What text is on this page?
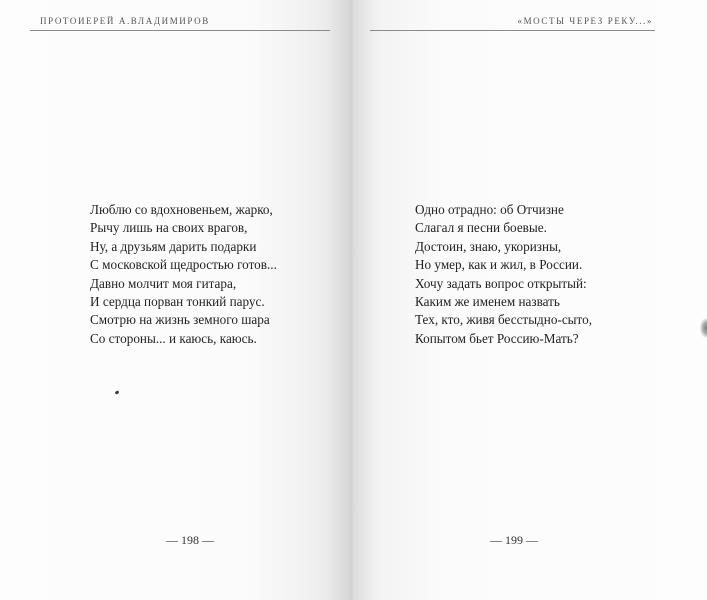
ПРОТОИЕРЕЙ А.ВЛАДИМИРОВ
Люблю со вдохновеньем, жарко,
Рычу лишь на своих врагов,
Ну, а друзьям дарить подарки
С московской щедростью готов...
Давно молчит моя гитара,
И сердца порван тонкий парус.
Смотрю на жизнь земного шара
Со стороны... и каюсь, каюсь.
— 198 —
«МОСТЫ ЧЕРЕЗ РЕКУ...»
Одно отрадно: об Отчизне
Слагал я песни боевые.
Достоин, знаю, укоризны,
Но умер, как и жил, в России.
Хочу задать вопрос открытый:
Каким же именем назвать
Тех, кто, живя бесстыдно-сыто,
Копытом бьет Россию-Мать?
— 199 —
